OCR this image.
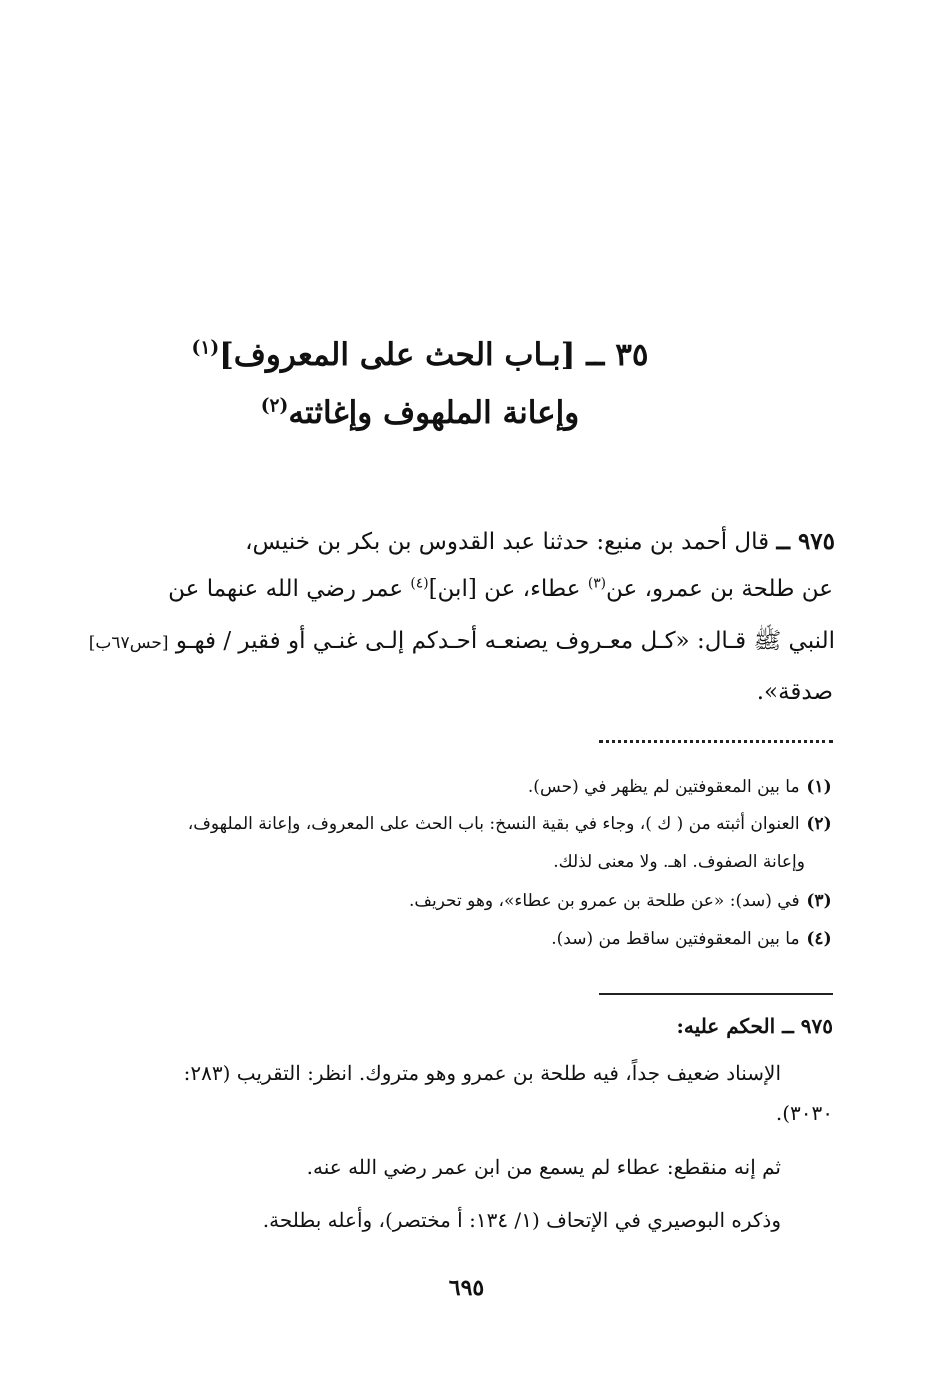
٣٥ ــ [بـاب الحث على المعروف]$^{(١)}$
وإعانة الملهوف وإغاثته$^{(٢)}$
٩٧٥ ــ قال أحمد بن منيع: حدثنا عبد القدوس بن بكر بن خنيس،
عن طلحة بن عمرو، عن$^{(٣)}$ عطاء، عن [ابن]$^{(٤)}$ عمر رضي الله عنهما عن
النبي ﷺ قـال: «كـل معـروف يصنعـه أحـدكم إلـى غنـي أو فقير / فهـو [حس٦٧ب]
صدقة».
(١) ما بين المعقوفتين لم يظهر في (حس).
(٢) العنوان أثبته من ( ك )، وجاء في بقية النسخ: باب الحث على المعروف، وإعانة الملهوف،
وإعانة الصفوف. اهـ. ولا معنى لذلك.
(٣) في (سد): «عن طلحة بن عمرو بن عطاء»، وهو تحريف.
(٤) ما بين المعقوفتين ساقط من (سد).
٩٧٥ ــ الحكم عليه:
الإسناد ضعيف جداً، فيه طلحة بن عمرو وهو متروك. انظر: التقريب (٢٨٣:
٣٠٣٠).
ثم إنه منقطع: عطاء لم يسمع من ابن عمر رضي الله عنه.
وذكره البوصيري في الإتحاف (١/ ١٣٤: أ مختصر)، وأعله بطلحة.
٦٩٥
